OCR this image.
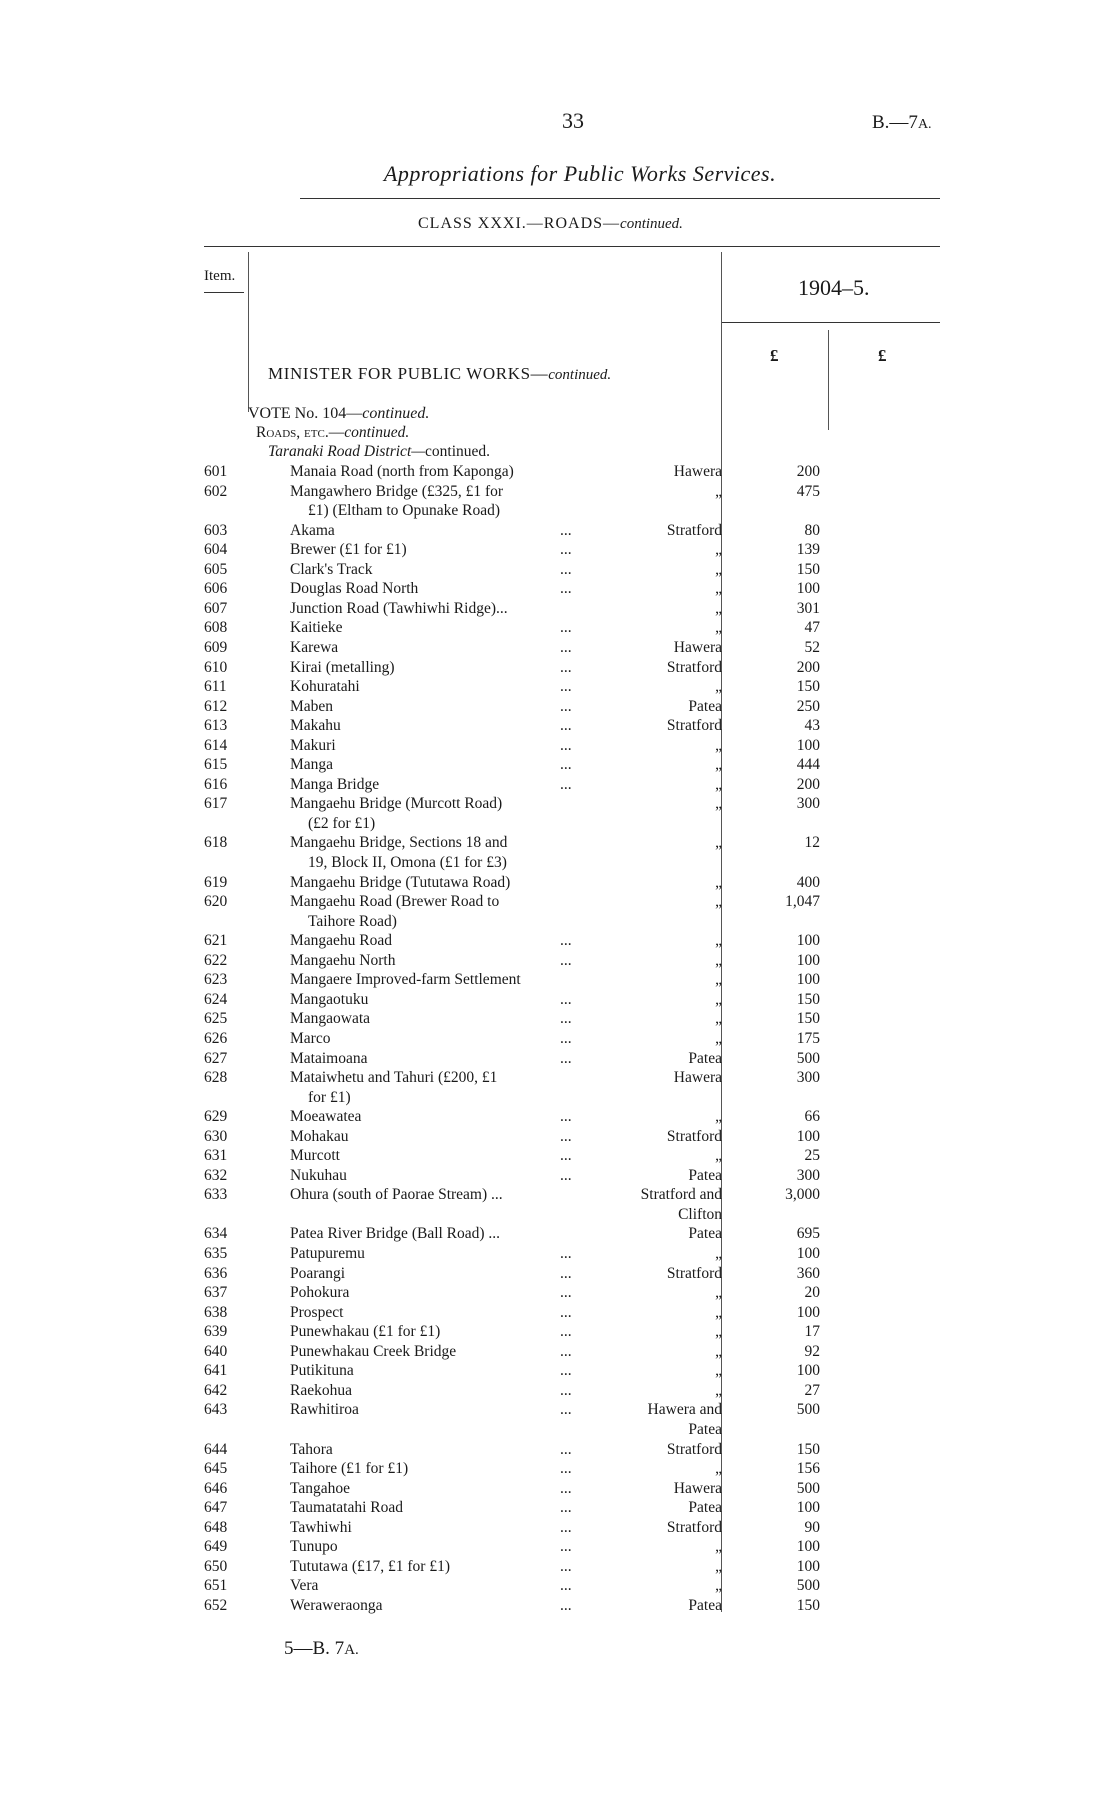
33	B.—7A.
Appropriations for Public Works Services.
CLASS XXXI.—ROADS—continued.
Item.	1904–5.
£	£
MINISTER FOR PUBLIC WORKS—continued.
VOTE No. 104—continued.
Roads, etc.—continued.
Taranaki Road District—continued.
601	Manaia Road (north from Kaponga)	Hawera	200
602	Mangawhero Bridge (£325, £1 for	„	475
£1) (Eltham to Opunake Road)
603	Akama	...	Stratford	80
604	Brewer (£1 for £1)	...	„	139
605	Clark's Track	...	„	150
606	Douglas Road North	...	„	100
607	Junction Road (Tawhiwhi Ridge)...	„	301
608	Kaitieke	...	„	47
609	Karewa	...	Hawera	52
610	Kirai (metalling)	...	Stratford	200
611	Kohuratahi	...	„	150
612	Maben	...	Patea	250
613	Makahu	...	Stratford	43
614	Makuri	...	„	100
615	Manga	...	„	444
616	Manga Bridge	...	„	200
617	Mangaehu Bridge (Murcott Road)	„	300
(£2 for £1)
618	Mangaehu Bridge, Sections 18 and	„	12
19, Block II, Omona (£1 for £3)
619	Mangaehu Bridge (Tututawa Road)	„	400
620	Mangaehu Road (Brewer Road to	„	1,047
Taihore Road)
621	Mangaehu Road	...	„	100
622	Mangaehu North	...	„	100
623	Mangaere Improved-farm Settlement	„	100
624	Mangaotuku	...	„	150
625	Mangaowata	...	„	150
626	Marco	...	„	175
627	Mataimoana	...	Patea	500
628	Mataiwhetu and Tahuri (£200, £1	Hawera	300
for £1)
629	Moeawatea	...	„	66
630	Mohakau	...	Stratford	100
631	Murcott	...	„	25
632	Nukuhau	...	Patea	300
633	Ohura (south of Paorae Stream) ...	Stratford and	3,000
Clifton
634	Patea River Bridge (Ball Road) ...	Patea	695
635	Patupuremu	...	„	100
636	Poarangi	...	Stratford	360
637	Pohokura	...	„	20
638	Prospect	...	„	100
639	Punewhakau (£1 for £1)	...	„	17
640	Punewhakau Creek Bridge	...	„	92
641	Putikituna	...	„	100
642	Raekohua	...	„	27
643	Rawhitiroa	...	Hawera and	500
Patea
644	Tahora	...	Stratford	150
645	Taihore (£1 for £1)	...	„	156
646	Tangahoe	...	Hawera	500
647	Taumatatahi Road	...	Patea	100
648	Tawhiwhi	...	Stratford	90
649	Tunupo	...	„	100
650	Tututawa (£17, £1 for £1)	...	„	100
651	Vera	...	„	500
652	Weraweraonga	...	Patea	150
5—B. 7A.
